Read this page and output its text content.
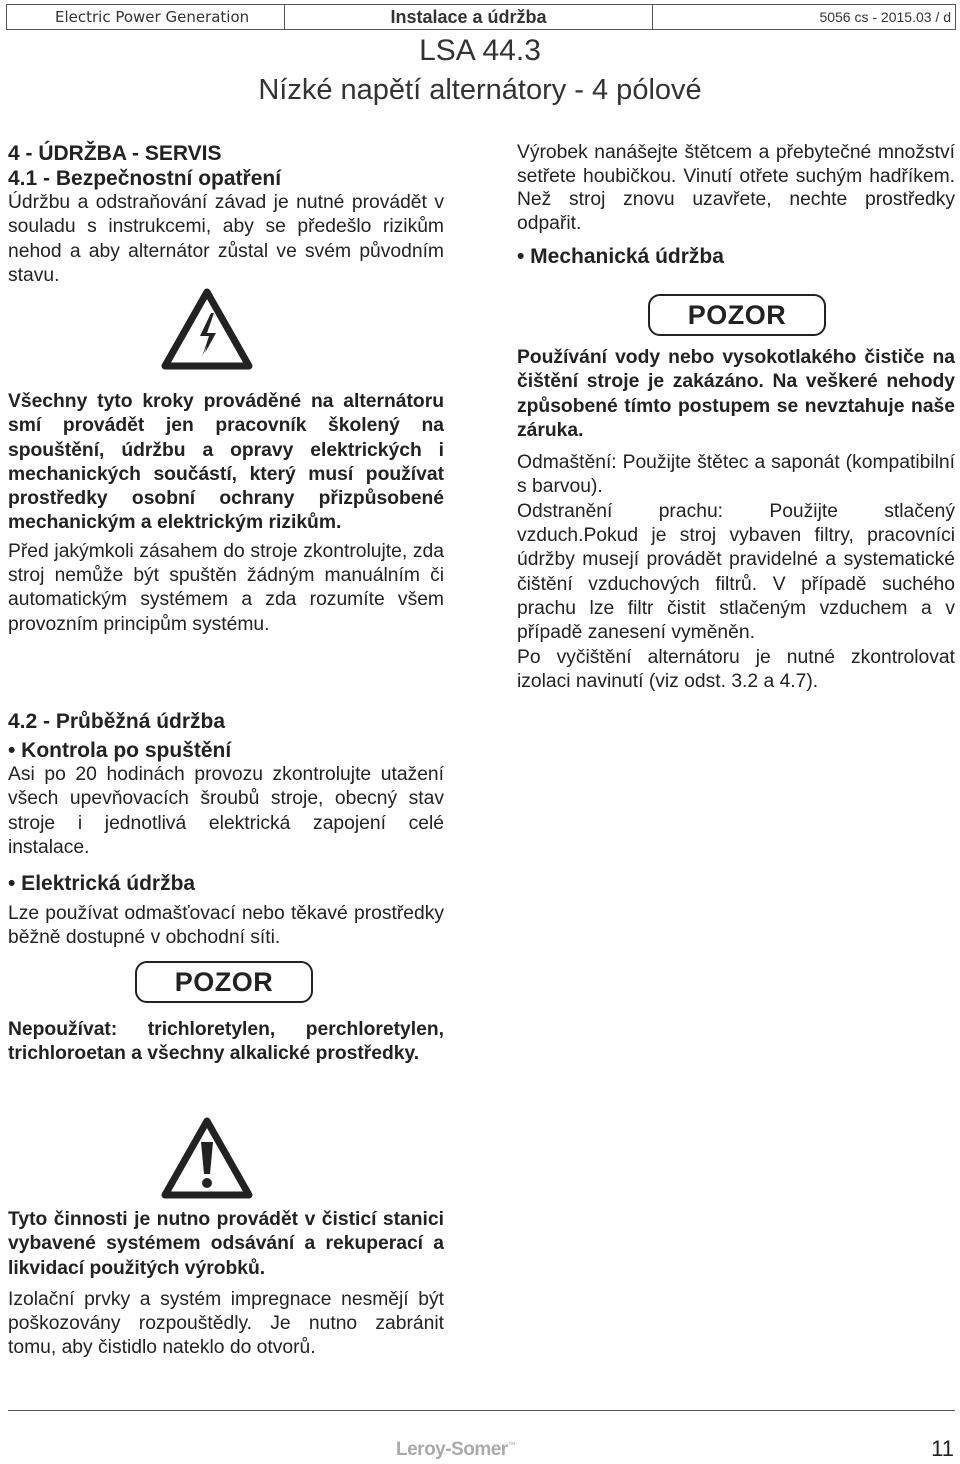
Electric Power Generation	Instalace a údržba	5056 cs - 2015.03 / d
LSA 44.3
Nízké napětí alternátory - 4 pólové

4 - ÚDRŽBA - SERVIS

4.1 - Bezpečnostní opatření

Údržbu a odstraňování závad je nutné provádět v souladu s instrukcemi, aby se předešlo rizikům nehod a aby alternátor zůstal ve svém původním stavu.

Všechny tyto kroky prováděné na alternátoru smí provádět jen pracovník školený na spouštění, údržbu a opravy elektrických i mechanických součástí, který musí používat prostředky osobní ochrany přizpůsobené mechanickým a elektrickým rizikům.

Před jakýmkoli zásahem do stroje zkontrolujte, zda stroj nemůže být spuštěn žádným manuálním či automatickým systémem a zda rozumíte všem provozním principům systému.

4.2 - Průběžná údržba

• Kontrola po spuštění

Asi po 20 hodinách provozu zkontrolujte utažení všech upevňovacích šroubů stroje, obecný stav stroje i jednotlivá elektrická zapojení celé instalace.

• Elektrická údržba

Lze používat odmašťovací nebo těkavé prostředky běžně dostupné v obchodní síti.

POZOR

Nepoužívat: trichloretylen, perchloretylen, trichloroetan a všechny alkalické prostředky.

Tyto činnosti je nutno provádět v čisticí stanici vybavené systémem odsávání a rekuperací a likvidací použitých výrobků.

Izolační prvky a systém impregnace nesmějí být poškozovány rozpouštědly. Je nutno zabránit tomu, aby čistidlo nateklo do otvorů.

Výrobek nanášejte štětcem a přebytečné množství setřete houbičkou. Vinutí otřete suchým hadříkem. Než stroj znovu uzavřete, nechte prostředky odpařit.

• Mechanická údržba

POZOR

Používání vody nebo vysokotlakého čističe na čištění stroje je zakázáno. Na veškeré nehody způsobené tímto postupem se nevztahuje naše záruka.

Odmaštění: Použijte štětec a saponát (kompatibilní s barvou).

Odstranění prachu: Použijte stlačený vzduch.Pokud je stroj vybaven filtry, pracovníci údržby musejí provádět pravidelné a systematické čištění vzduchových filtrů. V případě suchého prachu lze filtr čistit stlačeným vzduchem a v případě zanesení vyměněn.

Po vyčištění alternátoru je nutné zkontrolovat izolaci navinutí (viz odst. 3.2 a 4.7).

Leroy-Somer™	11
